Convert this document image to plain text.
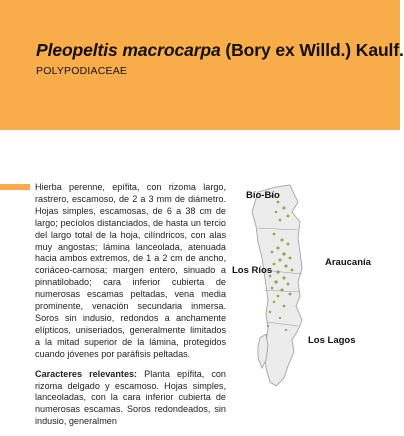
Pleopeltis macrocarpa (Bory ex Willd.) Kaulf.
POLYPODIACEAE

Hierba perenne, epífita, con rizoma largo, rastrero, escamoso, de 2 a 3 mm de diámetro. Hojas simples, escamosas, de 6 a 38 cm de largo; pecíolos distanciados, de hasta un tercio del largo total de la hoja, cilíndricos, con alas muy angostas; lámina lanceolada, atenuada hacia ambos extremos, de 1 a 2 cm de ancho, coriáceo-carnosa; margen entero, sinuado a pinnatilobado; cara inferior cubierta de numerosas escamas peltadas, vena media prominente, venación secundaria inmersa. Soros sin indusio, redondos a anchamente elípticos, uniseriados, generalmente limitados a la mitad superior de la lámina, protegidos cuando jóvenes por paráfisis peltadas.

Caracteres relevantes: Planta epífita, con rizoma delgado y escamoso. Hojas simples, lanceoladas, con la cara inferior cubierta de numerosas escamas. Soros redondeados, sin indusio, generalmen

Bío-Bío
Araucanía
Los Ríos
Los Lagos
